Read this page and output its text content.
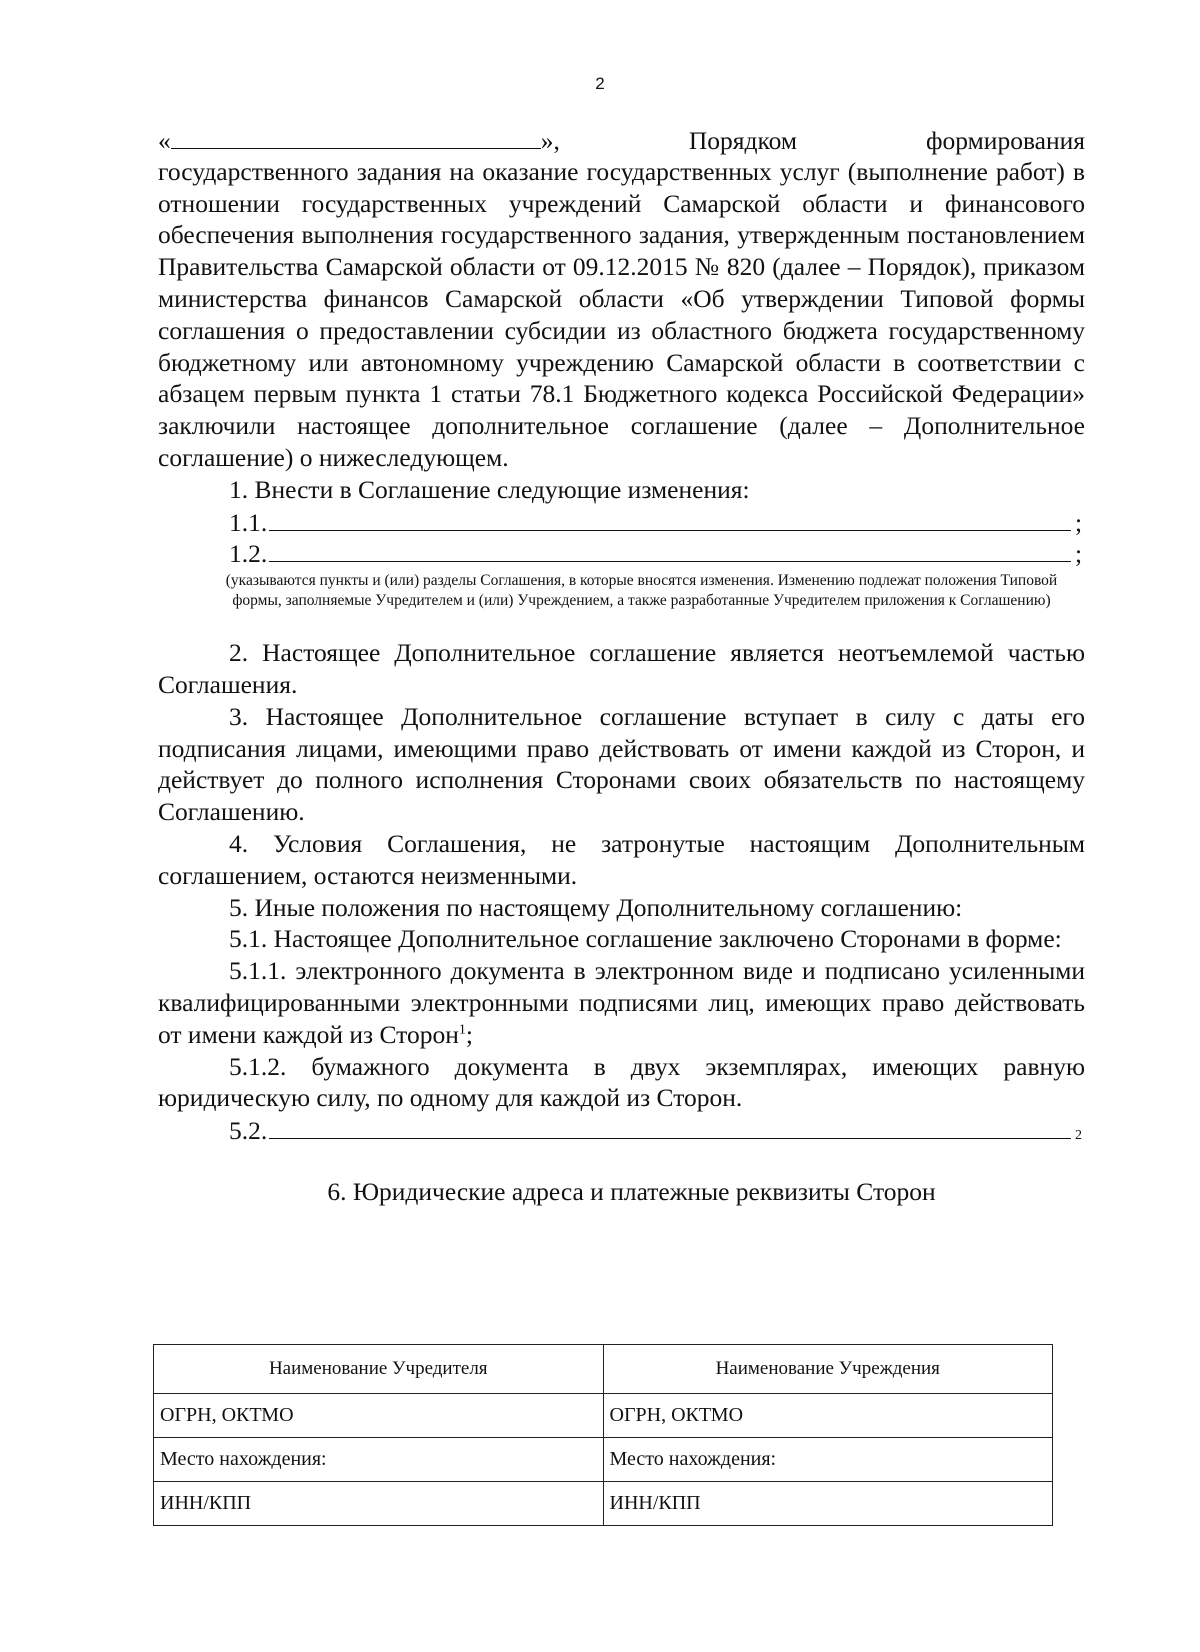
2
«	»,	Порядком	формирования

государственного задания на оказание государственных услуг (выполнение работ) в отношении государственных учреждений Самарской области и финансового обеспечения выполнения государственного задания, утвержденным постановлением Правительства Самарской области от 09.12.2015 № 820 (далее – Порядок), приказом министерства финансов Самарской области «Об утверждении Типовой формы соглашения о предоставлении субсидии из областного бюджета государственному бюджетному или автономному учреждению Самарской области в соответствии с абзацем первым пункта 1 статьи 78.1 Бюджетного кодекса Российской Федерации» заключили настоящее дополнительное соглашение (далее – Дополнительное соглашение) о нижеследующем.

1. Внести в Соглашение следующие изменения:

1.1.	;
1.2.	;

(указываются пункты и (или) разделы Соглашения, в которые вносятся изменения. Изменению подлежат положения Типовой формы, заполняемые Учредителем и (или) Учреждением, а также разработанные Учредителем приложения к Соглашению)

2. Настоящее Дополнительное соглашение является неотъемлемой частью Соглашения.

3. Настоящее Дополнительное соглашение вступает в силу с даты его подписания лицами, имеющими право действовать от имени каждой из Сторон, и действует до полного исполнения Сторонами своих обязательств по настоящему Соглашению.

4. Условия Соглашения, не затронутые настоящим Дополнительным соглашением, остаются неизменными.

5. Иные положения по настоящему Дополнительному соглашению:

5.1. Настоящее Дополнительное соглашение заключено Сторонами в форме:

5.1.1. электронного документа в электронном виде и подписано усиленными квалифицированными электронными подписями лиц, имеющих право действовать от имени каждой из Сторон$^1$;

5.1.2. бумажного документа в двух экземплярах, имеющих равную юридическую силу, по одному для каждой из Сторон.

5.2.	2

6. Юридические адреса и платежные реквизиты Сторон

Наименование Учредителя	Наименование Учреждения
ОГРН, ОКТМО	ОГРН, ОКТМО
Место нахождения:	Место нахождения:
ИНН/КПП	ИНН/КПП
